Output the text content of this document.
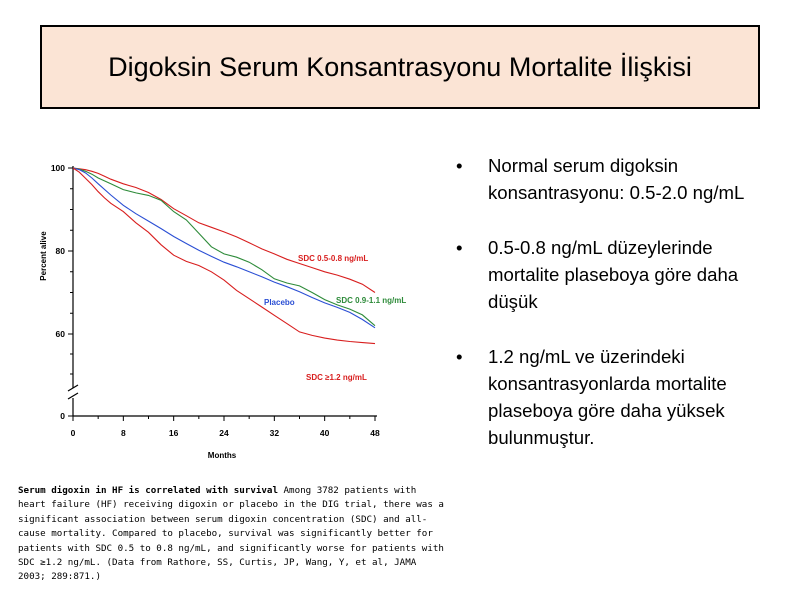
Digoksin Serum Konsantrasyonu Mortalite İlişkisi
0
60
80
100
0	8	16	24	32	40	48
Months
Percent alive	SDC 0.5-0.8 ng/mL
SDC 0.9-1.1 ng/mL
Placebo
SDC ≥1.2 ng/mL
Serum digoxin in HF is correlated with survival Among 3782 patients with heart failure (HF) receiving digoxin or placebo in the DIG trial, there was a significant association between serum digoxin concentration (SDC) and all-cause mortality. Compared to placebo, survival was significantly better for patients with SDC 0.5 to 0.8 ng/mL, and significantly worse for patients with SDC ≥1.2 ng/mL. (Data from Rathore, SS, Curtis, JP, Wang, Y, et al, JAMA 2003; 289:871.)
• Normal serum digoksin konsantrasyonu: 0.5-2.0 ng/mL
• 0.5-0.8 ng/mL düzeylerinde mortalite plaseboya göre daha düşük
• 1.2 ng/mL ve üzerindeki konsantrasyonlarda mortalite plaseboya göre daha yüksek bulunmuştur.
